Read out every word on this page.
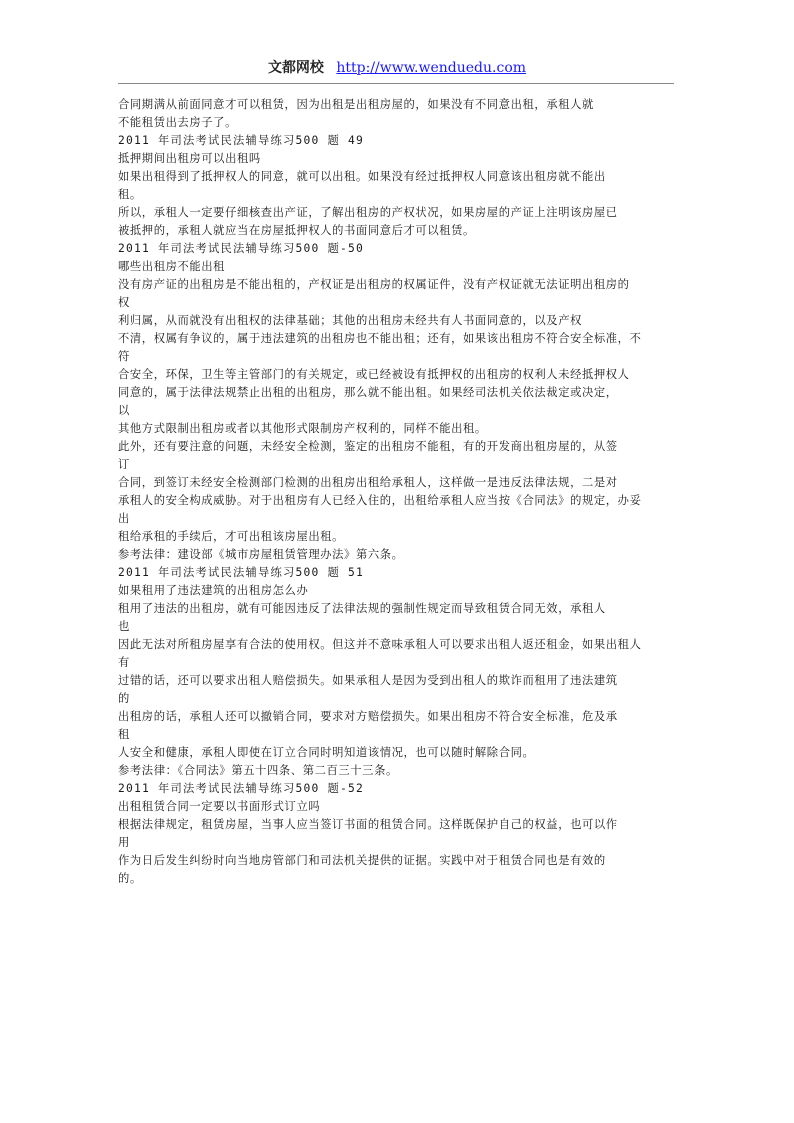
文都网校 http://www.wenduedu.com

合同期满从前面同意才可以租赁，因为出租是出租房屋的，如果没有不同意出租，承租人就

不能租赁出去房子了。

2011 年司法考试民法辅导练习500 题 49

抵押期间出租房可以出租吗

如果出租得到了抵押权人的同意，就可以出租。如果没有经过抵押权人同意该出租房就不能出

租。

所以，承租人一定要仔细核查出产证，了解出租房的产权状况，如果房屋的产证上注明该房屋已

被抵押的，承租人就应当在房屋抵押权人的书面同意后才可以租赁。

2011 年司法考试民法辅导练习500 题-50

哪些出租房不能出租

没有房产证的出租房是不能出租的，产权证是出租房的权属证件，没有产权证就无法证明出租房的

权

利归属，从而就没有出租权的法律基础；其他的出租房未经共有人书面同意的，以及产权

不清，权属有争议的，属于违法建筑的出租房也不能出租；还有，如果该出租房不符合安全标准，不

符

合安全，环保，卫生等主管部门的有关规定，或已经被设有抵押权的出租房的权利人未经抵押权人

同意的，属于法律法规禁止出租的出租房，那么就不能出租。如果经司法机关依法裁定或决定，

以

其他方式限制出租房或者以其他形式限制房产权利的，同样不能出租。

此外，还有要注意的问题，未经安全检测，鉴定的出租房不能租，有的开发商出租房屋的，从签

订

合同，到签订未经安全检测部门检测的出租房出租给承租人，这样做一是违反法律法规，二是对

承租人的安全构成威胁。对于出租房有人已经入住的，出租给承租人应当按《合同法》的规定，办妥

出

租给承租的手续后，才可出租该房屋出租。

参考法律：建设部《城市房屋租赁管理办法》第六条。

2011 年司法考试民法辅导练习500 题 51

如果租用了违法建筑的出租房怎么办

租用了违法的出租房，就有可能因违反了法律法规的强制性规定而导致租赁合同无效，承租人

也

因此无法对所租房屋享有合法的使用权。但这并不意味承租人可以要求出租人返还租金，如果出租人

有

过错的话，还可以要求出租人赔偿损失。如果承租人是因为受到出租人的欺诈而租用了违法建筑

的

出租房的话，承租人还可以撤销合同，要求对方赔偿损失。如果出租房不符合安全标准，危及承

租

人安全和健康，承租人即使在订立合同时明知道该情况，也可以随时解除合同。

参考法律：《合同法》第五十四条、第二百三十三条。

2011 年司法考试民法辅导练习500 题-52

出租租赁合同一定要以书面形式订立吗

根据法律规定，租赁房屋，当事人应当签订书面的租赁合同。这样既保护自己的权益，也可以作

用

作为日后发生纠纷时向当地房管部门和司法机关提供的证据。实践中对于租赁合同也是有效的

的。
